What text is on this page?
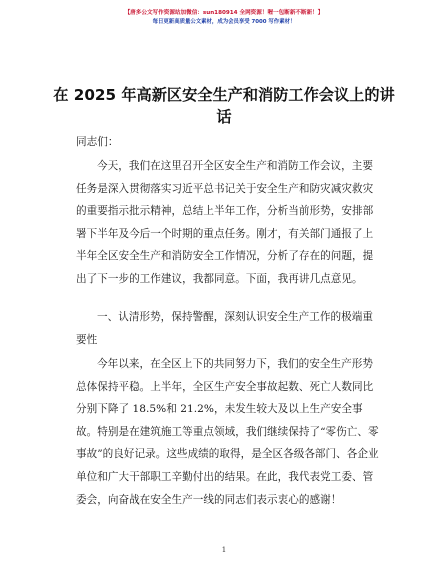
【唐多公文写作资源站加微信：sun180914 全网资源！喔一包断新不断新！】
每日更新高质量公文素材，成为会员享受 7000 写作素材！
在 2025 年高新区安全生产和消防工作会议上的讲话
同志们：
今天，我们在这里召开全区安全生产和消防工作会议，主要任务是深入贯彻落实习近平总书记关于安全生产和防灾减灾救灾的重要指示批示精神，总结上半年工作，分析当前形势，安排部署下半年及今后一个时期的重点任务。刚才，有关部门通报了上半年全区安全生产和消防安全工作情况，分析了存在的问题，提出了下一步的工作建议，我都同意。下面，我再讲几点意见。
一、认清形势，保持警醒，深刻认识安全生产工作的极端重要性
今年以来，在全区上下的共同努力下，我们的安全生产形势总体保持平稳。上半年，全区生产安全事故起数、死亡人数同比分别下降了 18.5%和 21.2%，未发生较大及以上生产安全事故。特别是在建筑施工等重点领域，我们继续保持了“零伤亡、零事故”的良好记录。这些成绩的取得，是全区各级各部门、各企业单位和广大干部职工辛勤付出的结果。在此，我代表党工委、管委会，向奋战在安全生产一线的同志们表示衷心的感谢！
1
